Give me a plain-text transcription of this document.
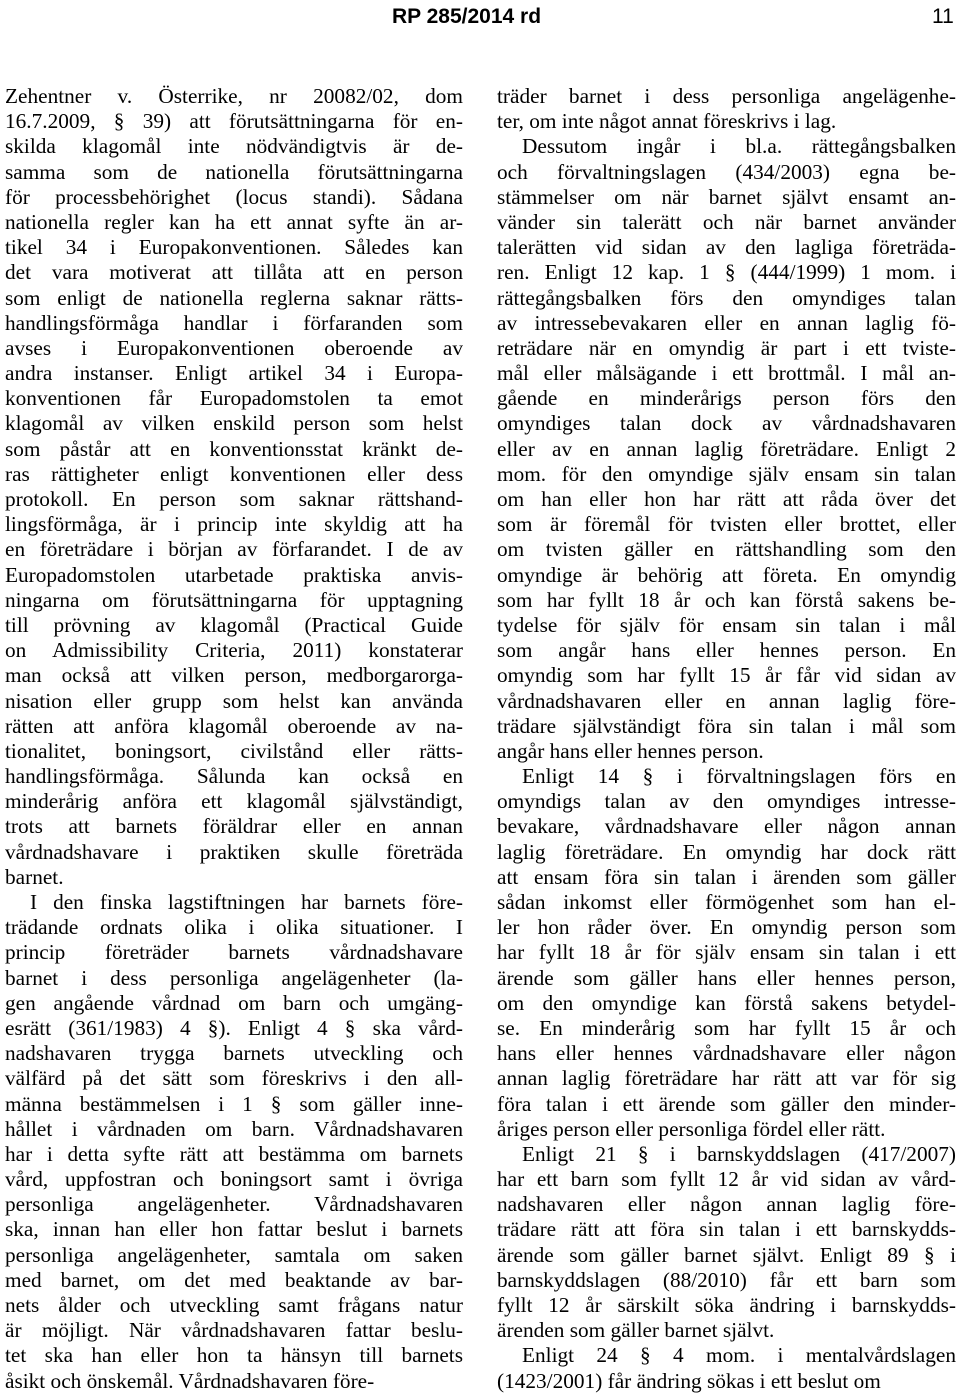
RP 285/2014 rd	11
Zehentner v. Österrike, nr 20082/02, dom
16.7.2009, § 39) att förutsättningarna för en-
skilda klagomål inte nödvändigtvis är de-
samma som de nationella förutsättningarna
för processbehörighet (locus standi). Sådana
nationella regler kan ha ett annat syfte än ar-
tikel 34 i Europakonventionen. Således kan
det vara motiverat att tillåta att en person
som enligt de nationella reglerna saknar rätts-
handlingsförmåga handlar i förfaranden som
avses i Europakonventionen oberoende av
andra instanser. Enligt artikel 34 i Europa-
konventionen får Europadomstolen ta emot
klagomål av vilken enskild person som helst
som påstår att en konventionsstat kränkt de-
ras rättigheter enligt konventionen eller dess
protokoll. En person som saknar rättshand-
lingsförmåga, är i princip inte skyldig att ha
en företrädare i början av förfarandet. I de av
Europadomstolen utarbetade praktiska anvis-
ningarna om förutsättningarna för upptagning
till prövning av klagomål (Practical Guide
on Admissibility Criteria, 2011) konstaterar
man också att vilken person, medborgarorga-
nisation eller grupp som helst kan använda
rätten att anföra klagomål oberoende av na-
tionalitet, boningsort, civilstånd eller rätts-
handlingsförmåga. Sålunda kan också en
minderårig anföra ett klagomål självständigt,
trots att barnets föräldrar eller en annan
vårdnadshavare i praktiken skulle företräda
barnet.
I den finska lagstiftningen har barnets före-
trädande ordnats olika i olika situationer. I
princip företräder barnets vårdnadshavare
barnet i dess personliga angelägenheter (la-
gen angående vårdnad om barn och umgäng-
esrätt (361/1983) 4 §). Enligt 4 § ska vård-
nadshavaren trygga barnets utveckling och
välfärd på det sätt som föreskrivs i den all-
männa bestämmelsen i 1 § som gäller inne-
hållet i vårdnaden om barn. Vårdnadshavaren
har i detta syfte rätt att bestämma om barnets
vård, uppfostran och boningsort samt i övriga
personliga angelägenheter. Vårdnadshavaren
ska, innan han eller hon fattar beslut i barnets
personliga angelägenheter, samtala om saken
med barnet, om det med beaktande av bar-
nets ålder och utveckling samt frågans natur
är möjligt. När vårdnadshavaren fattar beslu-
tet ska han eller hon ta hänsyn till barnets
åsikt och önskemål. Vårdnadshavaren före-
träder barnet i dess personliga angelägenhe-
ter, om inte något annat föreskrivs i lag.
Dessutom ingår i bl.a. rättegångsbalken
och förvaltningslagen (434/2003) egna be-
stämmelser om när barnet självt ensamt an-
vänder sin talerätt och när barnet använder
talerätten vid sidan av den lagliga företräda-
ren. Enligt 12 kap. 1 § (444/1999) 1 mom. i
rättegångsbalken förs den omyndiges talan
av intressebevakaren eller en annan laglig fö-
reträdare när en omyndig är part i ett tviste-
mål eller målsägande i ett brottmål. I mål an-
gående en minderårigs person förs den
omyndiges talan dock av vårdnadshavaren
eller av en annan laglig företrädare. Enligt 2
mom. för den omyndige själv ensam sin talan
om han eller hon har rätt att råda över det
som är föremål för tvisten eller brottet, eller
om tvisten gäller en rättshandling som den
omyndige är behörig att företa. En omyndig
som har fyllt 18 år och kan förstå sakens be-
tydelse för själv för ensam sin talan i mål
som angår hans eller hennes person. En
omyndig som har fyllt 15 år får vid sidan av
vårdnadshavaren eller en annan laglig före-
trädare självständigt föra sin talan i mål som
angår hans eller hennes person.
Enligt 14 § i förvaltningslagen förs en
omyndigs talan av den omyndiges intresse-
bevakare, vårdnadshavare eller någon annan
laglig företrädare. En omyndig har dock rätt
att ensam föra sin talan i ärenden som gäller
sådan inkomst eller förmögenhet som han el-
ler hon råder över. En omyndig person som
har fyllt 18 år för själv ensam sin talan i ett
ärende som gäller hans eller hennes person,
om den omyndige kan förstå sakens betydel-
se. En minderårig som har fyllt 15 år och
hans eller hennes vårdnadshavare eller någon
annan laglig företrädare har rätt att var för sig
föra talan i ett ärende som gäller den minder-
åriges person eller personliga fördel eller rätt.
Enligt 21 § i barnskyddslagen (417/2007)
har ett barn som fyllt 12 år vid sidan av vård-
nadshavaren eller någon annan laglig före-
trädare rätt att föra sin talan i ett barnskydds-
ärende som gäller barnet självt. Enligt 89 § i
barnskyddslagen (88/2010) får ett barn som
fyllt 12 år särskilt söka ändring i barnskydds-
ärenden som gäller barnet självt.
Enligt 24 § 4 mom. i mentalvårdslagen
(1423/2001) får ändring sökas i ett beslut om
